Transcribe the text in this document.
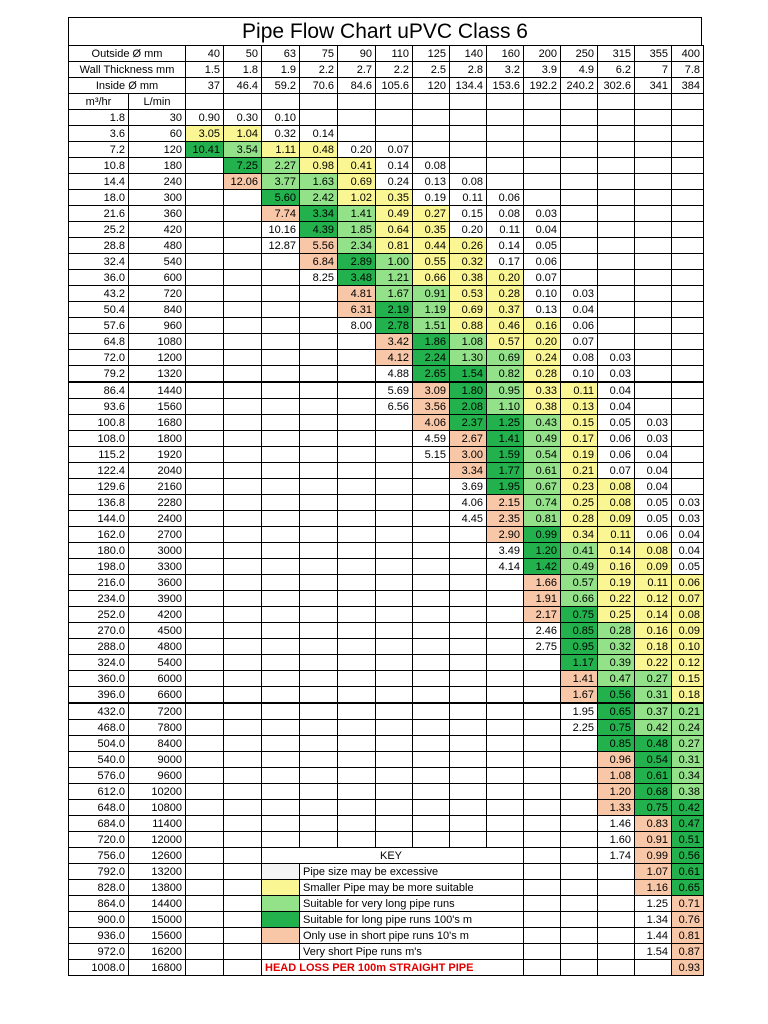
Pipe Flow Chart uPVC Class 6
Outside Ø mm		40	50	63	75	90	110	125	140	160	200	250	315	355	400
Wall Thickness mm		1.5	1.8	1.9	2.2	2.7	2.2	2.5	2.8	3.2	3.9	4.9	6.2	7	7.8
Inside Ø mm		37	46.4	59.2	70.6	84.6	105.6	120	134.4	153.6	192.2	240.2	302.6	341	384
m³/hr	L/min														
1.8	30	0.90	0.30	0.10											
3.6	60	3.05	1.04	0.32	0.14										
7.2	120	10.41	3.54	1.11	0.48	0.20	0.07								
10.8	180		7.25	2.27	0.98	0.41	0.14	0.08							
14.4	240		12.06	3.77	1.63	0.69	0.24	0.13	0.08						
18.0	300			5.60	2.42	1.02	0.35	0.19	0.11	0.06					
21.6	360			7.74	3.34	1.41	0.49	0.27	0.15	0.08	0.03				
25.2	420			10.16	4.39	1.85	0.64	0.35	0.20	0.11	0.04				
28.8	480			12.87	5.56	2.34	0.81	0.44	0.26	0.14	0.05				
32.4	540				6.84	2.89	1.00	0.55	0.32	0.17	0.06				
36.0	600				8.25	3.48	1.21	0.66	0.38	0.20	0.07				
43.2	720					4.81	1.67	0.91	0.53	0.28	0.10	0.03			
50.4	840					6.31	2.19	1.19	0.69	0.37	0.13	0.04			
57.6	960					8.00	2.78	1.51	0.88	0.46	0.16	0.06			
64.8	1080						3.42	1.86	1.08	0.57	0.20	0.07			
72.0	1200						4.12	2.24	1.30	0.69	0.24	0.08	0.03		
79.2	1320						4.88	2.65	1.54	0.82	0.28	0.10	0.03		
86.4	1440						5.69	3.09	1.80	0.95	0.33	0.11	0.04		
93.6	1560						6.56	3.56	2.08	1.10	0.38	0.13	0.04		
100.8	1680							4.06	2.37	1.25	0.43	0.15	0.05	0.03	
108.0	1800							4.59	2.67	1.41	0.49	0.17	0.06	0.03	
115.2	1920							5.15	3.00	1.59	0.54	0.19	0.06	0.04	
122.4	2040								3.34	1.77	0.61	0.21	0.07	0.04	
129.6	2160								3.69	1.95	0.67	0.23	0.08	0.04	
136.8	2280								4.06	2.15	0.74	0.25	0.08	0.05	0.03
144.0	2400								4.45	2.35	0.81	0.28	0.09	0.05	0.03
162.0	2700									2.90	0.99	0.34	0.11	0.06	0.04
180.0	3000									3.49	1.20	0.41	0.14	0.08	0.04
198.0	3300									4.14	1.42	0.49	0.16	0.09	0.05
216.0	3600										1.66	0.57	0.19	0.11	0.06
234.0	3900										1.91	0.66	0.22	0.12	0.07
252.0	4200										2.17	0.75	0.25	0.14	0.08
270.0	4500										2.46	0.85	0.28	0.16	0.09
288.0	4800										2.75	0.95	0.32	0.18	0.10
324.0	5400											1.17	0.39	0.22	0.12
360.0	6000											1.41	0.47	0.27	0.15
396.0	6600											1.67	0.56	0.31	0.18
432.0	7200											1.95	0.65	0.37	0.21
468.0	7800											2.25	0.75	0.42	0.24
504.0	8400												0.85	0.48	0.27
540.0	9000												0.96	0.54	0.31
576.0	9600												1.08	0.61	0.34
612.0	10200												1.20	0.68	0.38
648.0	10800												1.33	0.75	0.42
684.0	11400												1.46	0.83	0.47
720.0	12000												1.60	0.91	0.51
756.0	12600			KEY									1.74	0.99	0.56
792.0	13200				Pipe size may be excessive									1.07	0.61
828.0	13800				Smaller Pipe may be more suitable									1.16	0.65
864.0	14400				Suitable for very long pipe runs									1.25	0.71
900.0	15000				Suitable for long pipe runs 100's m									1.34	0.76
936.0	15600				Only use in short pipe runs 10's m									1.44	0.81
972.0	16200				Very short Pipe runs m's									1.54	0.87
1008.0	16800			HEAD LOSS PER 100m STRAIGHT PIPE											0.93
